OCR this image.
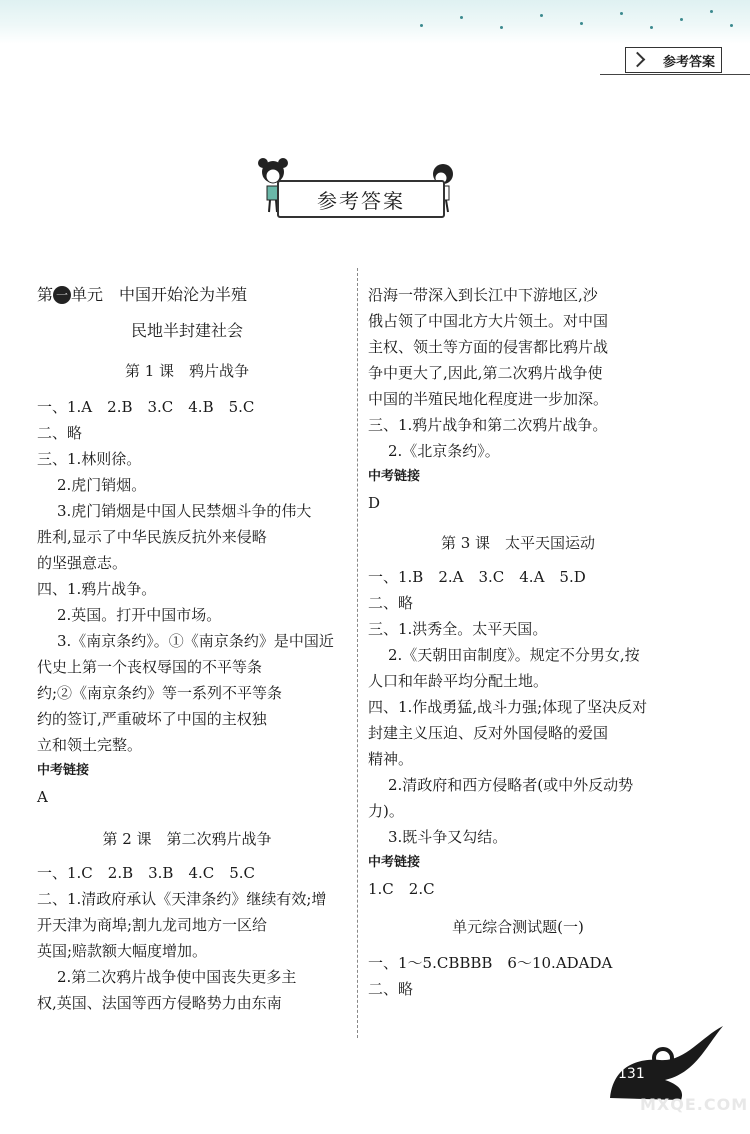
参考答案
参考答案
第 一 单元　中国开始沦为半殖
民地半封建社会
第 1 课　鸦片战争
一、1.A　2.B　3.C　4.B　5.C
二、略
三、1.林则徐。
2.虎门销烟。
3.虎门销烟是中国人民禁烟斗争的伟大
胜利,显示了中华民族反抗外来侵略
的坚强意志。
四、1.鸦片战争。
2.英国。打开中国市场。
3.《南京条约》。①《南京条约》是中国近
代史上第一个丧权辱国的不平等条
约;②《南京条约》等一系列不平等条
约的签订,严重破坏了中国的主权独
立和领土完整。
中考链接
A
第 2 课　第二次鸦片战争
一、1.C　2.B　3.B　4.C　5.C
二、1.清政府承认《天津条约》继续有效;增
开天津为商埠;割九龙司地方一区给
英国;赔款额大幅度增加。
2.第二次鸦片战争使中国丧失更多主
权,英国、法国等西方侵略势力由东南
沿海一带深入到长江中下游地区,沙
俄占领了中国北方大片领土。对中国
主权、领土等方面的侵害都比鸦片战
争中更大了,因此,第二次鸦片战争使
中国的半殖民地化程度进一步加深。
三、1.鸦片战争和第二次鸦片战争。
2.《北京条约》。
中考链接
D
第 3 课　太平天国运动
一、1.B　2.A　3.C　4.A　5.D
二、略
三、1.洪秀全。太平天国。
2.《天朝田亩制度》。规定不分男女,按
人口和年龄平均分配土地。
四、1.作战勇猛,战斗力强;体现了坚决反对
封建主义压迫、反对外国侵略的爱国
精神。
2.清政府和西方侵略者(或中外反动势
力)。
3.既斗争又勾结。
中考链接
1.C　2.C
单元综合测试题(一)
一、1～5.CBBBB　6～10.ADADA
二、略
131
MXQE.COM
